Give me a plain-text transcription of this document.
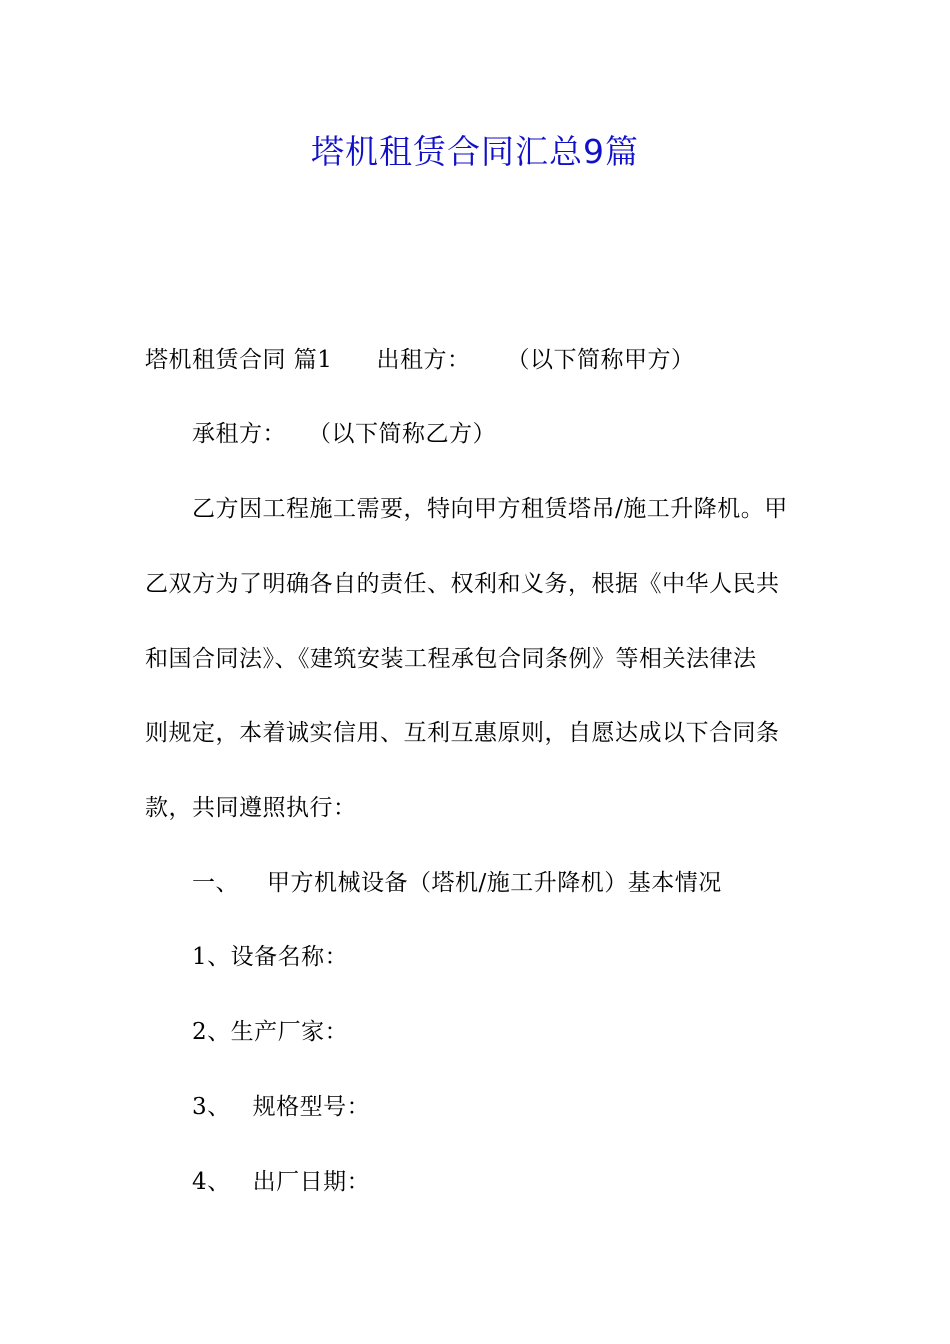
塔机租赁合同汇总9篇
塔机租赁合同 篇1 出租方： （以下简称甲方）
承租方： （以下简称乙方）
乙方因工程施工需要，特向甲方租赁塔吊/施工升降机。甲
乙双方为了明确各自的责任、权利和义务，根据《中华人民共
和国合同法》、《建筑安装工程承包合同条例》等相关法律法
则规定，本着诚实信用、互利互惠原则，自愿达成以下合同条
款，共同遵照执行：
一、 甲方机械设备（塔机/施工升降机）基本情况
1、设备名称：
2、生产厂家：
3、 规格型号：
4、 出厂日期：
